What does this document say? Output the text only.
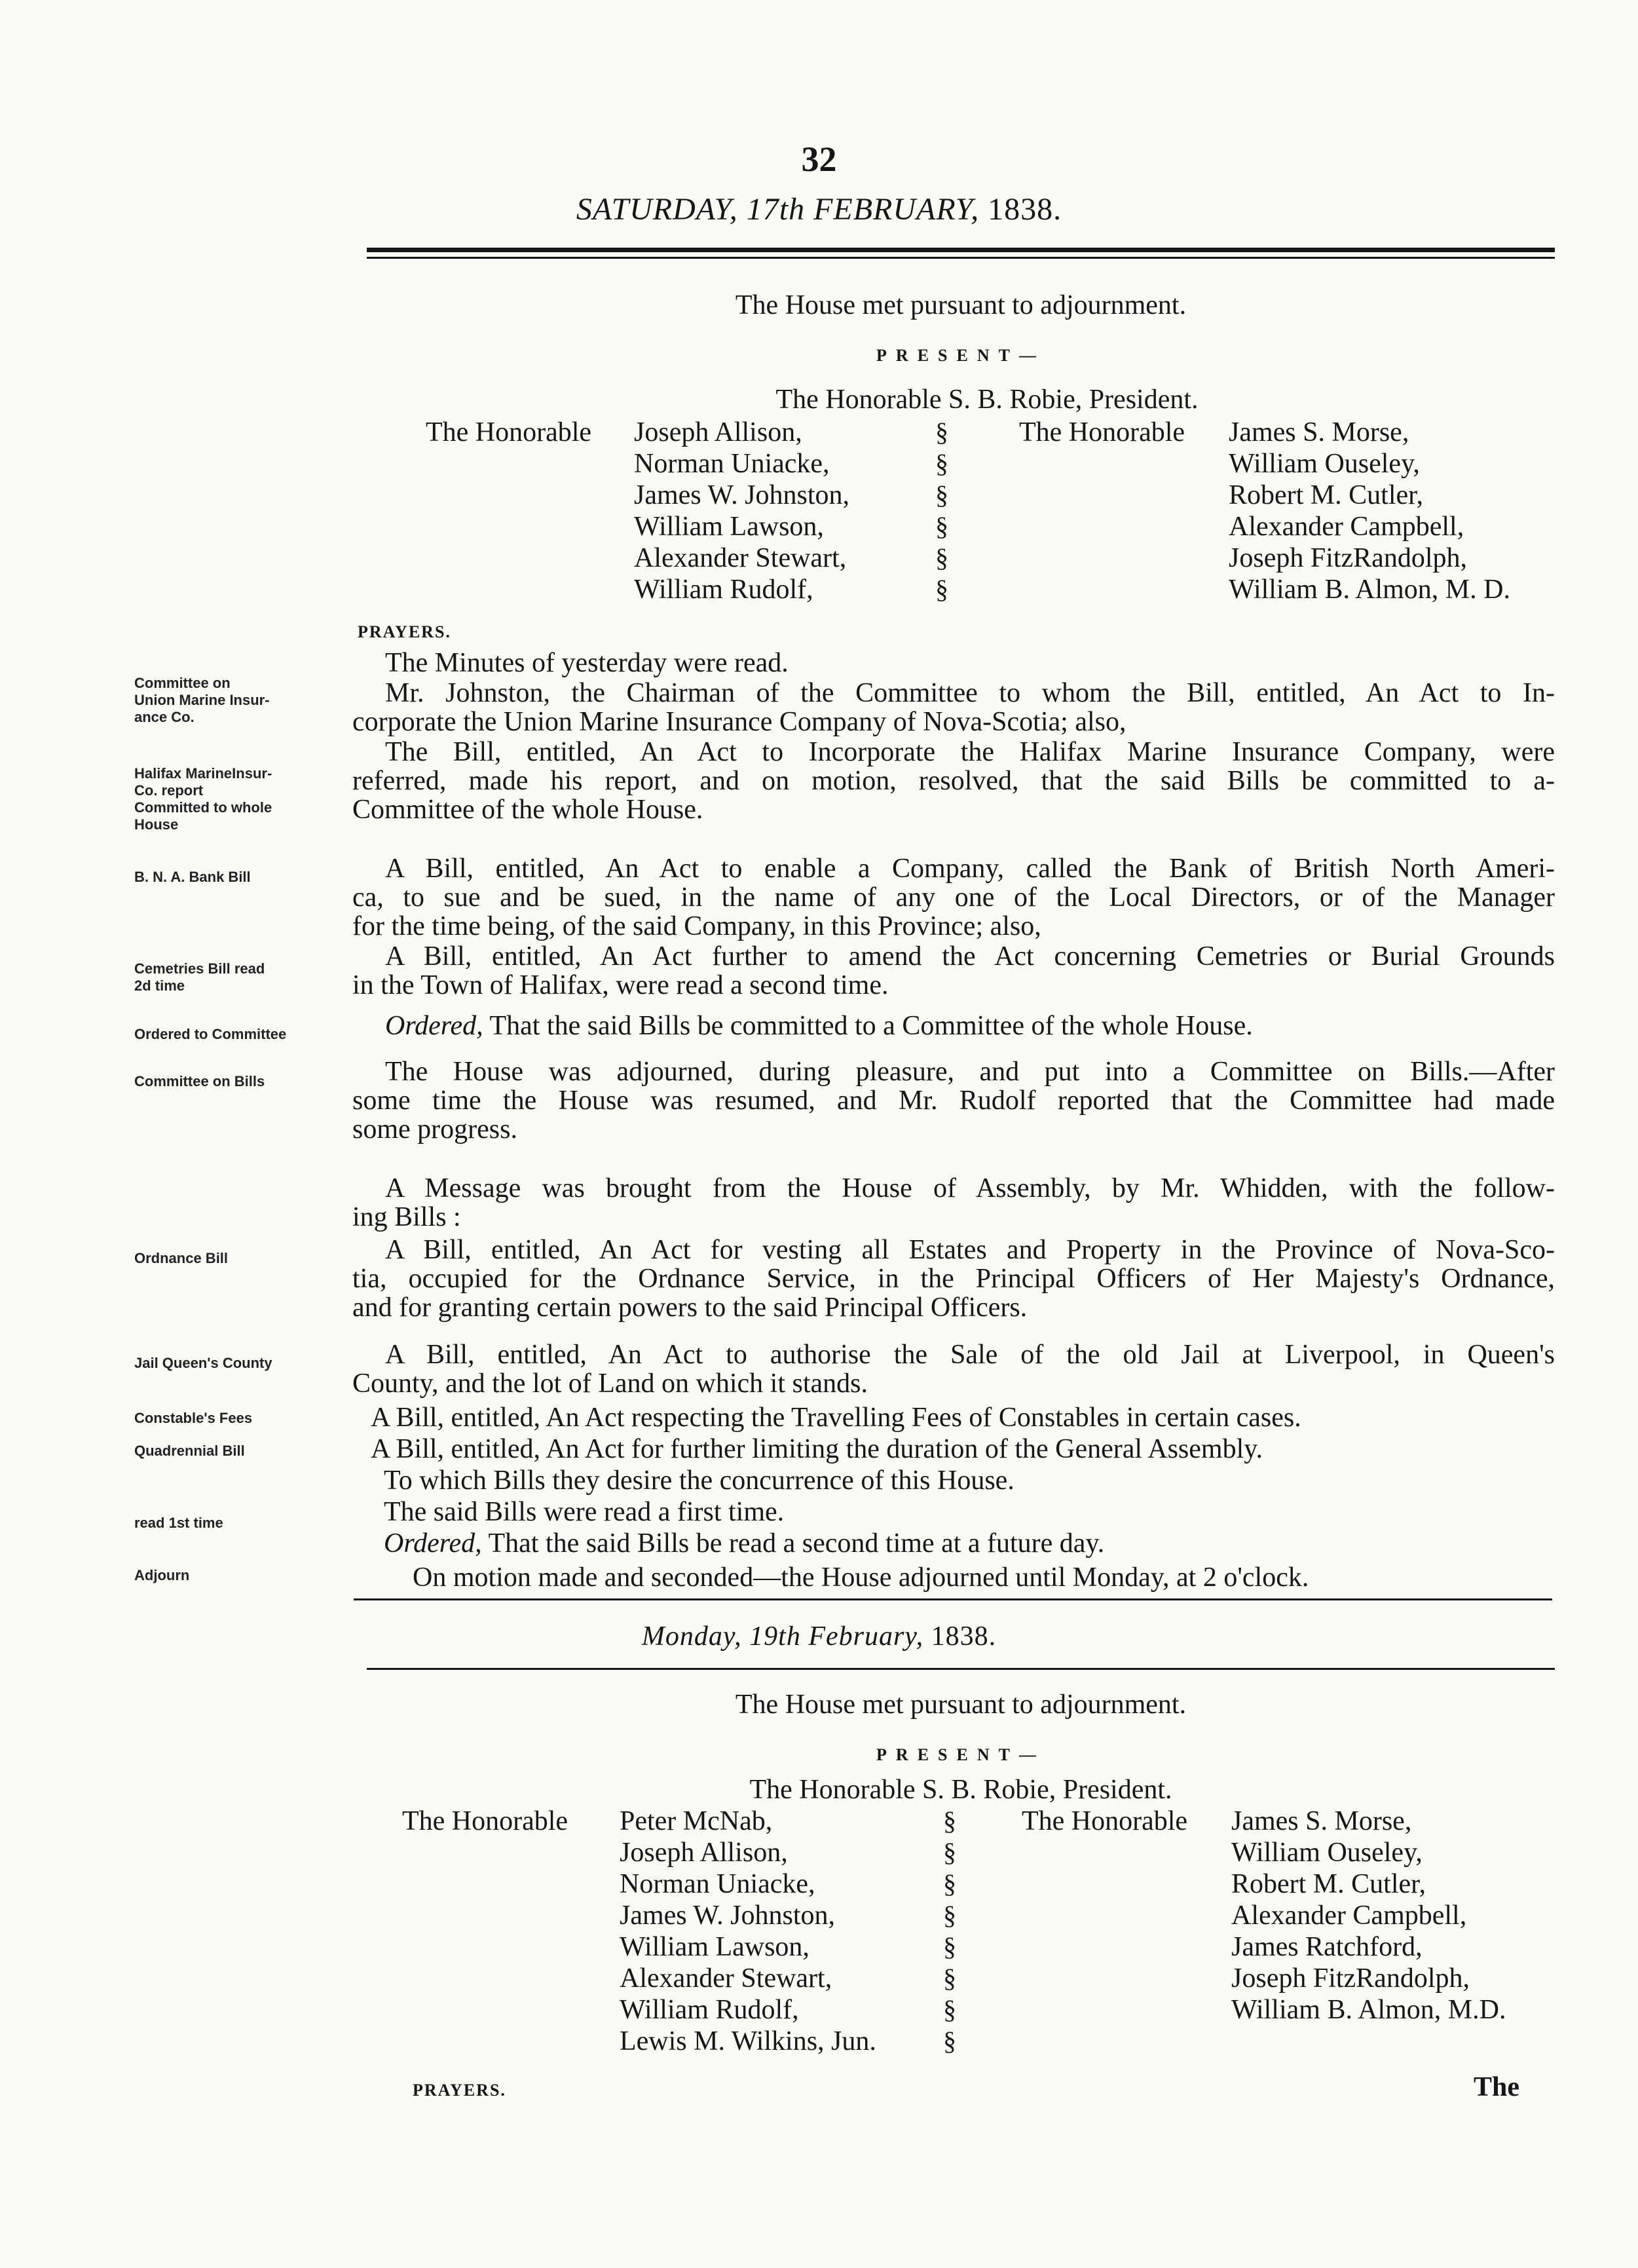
32
SATURDAY, 17th FEBRUARY, 1838.
The House met pursuant to adjournment.
PRESENT—
The Honorable S. B. Robie, President.
The Honorable Joseph Allison,
Norman Uniacke,
James W. Johnston,
William Lawson,
Alexander Stewart,
William Rudolf,
§
§
§
§
§
§
The Honorable James S. Morse,
William Ouseley,
Robert M. Cutler,
Alexander Campbell,
Joseph FitzRandolph,
William B. Almon, M. D.
PRAYERS.
Committee on
Union Marine Insur-
ance Co.
Halifax MarineInsur-
Co. report
Committed to whole
House
B. N. A. Bank Bill
Cemetries Bill read
2d time
Ordered to Committee
Committee on Bills
Ordnance Bill
Jail Queen's County
Constable's Fees
Quadrennial Bill
read 1st time
Adjourn
The Minutes of yesterday were read.
Mr. Johnston, the Chairman of the Committee to whom the Bill, entitled, An Act to In-
corporate the Union Marine Insurance Company of Nova-Scotia; also,
The Bill, entitled, An Act to Incorporate the Halifax Marine Insurance Company, were
referred, made his report, and on motion, resolved, that the said Bills be committed to a-
Committee of the whole House.
A Bill, entitled, An Act to enable a Company, called the Bank of British North Ameri-
ca, to sue and be sued, in the name of any one of the Local Directors, or of the Manager
for the time being, of the said Company, in this Province; also,
A Bill, entitled, An Act further to amend the Act concerning Cemetries or Burial Grounds
in the Town of Halifax, were read a second time.
Ordered, That the said Bills be committed to a Committee of the whole House.
The House was adjourned, during pleasure, and put into a Committee on Bills.—After
some time the House was resumed, and Mr. Rudolf reported that the Committee had made
some progress.
A Message was brought from the House of Assembly, by Mr. Whidden, with the follow-
ing Bills :
A Bill, entitled, An Act for vesting all Estates and Property in the Province of Nova-Sco-
tia, occupied for the Ordnance Service, in the Principal Officers of Her Majesty's Ordnance,
and for granting certain powers to the said Principal Officers.
A Bill, entitled, An Act to authorise the Sale of the old Jail at Liverpool, in Queen's
County, and the lot of Land on which it stands.
A Bill, entitled, An Act respecting the Travelling Fees of Constables in certain cases.
A Bill, entitled, An Act for further limiting the duration of the General Assembly.
To which Bills they desire the concurrence of this House.
The said Bills were read a first time.
Ordered, That the said Bills be read a second time at a future day.
On motion made and seconded—the House adjourned until Monday, at 2 o'clock.
Monday, 19th February, 1838.
The House met pursuant to adjournment.
PRESENT—
The Honorable S. B. Robie, President.
The Honorable Peter McNab,
Joseph Allison,
Norman Uniacke,
James W. Johnston,
William Lawson,
Alexander Stewart,
William Rudolf,
Lewis M. Wilkins, Jun.
§
§
§
§
§
§
§
§
The Honorable James S. Morse,
William Ouseley,
Robert M. Cutler,
Alexander Campbell,
James Ratchford,
Joseph FitzRandolph,
William B. Almon, M.D.
PRAYERS.	The
